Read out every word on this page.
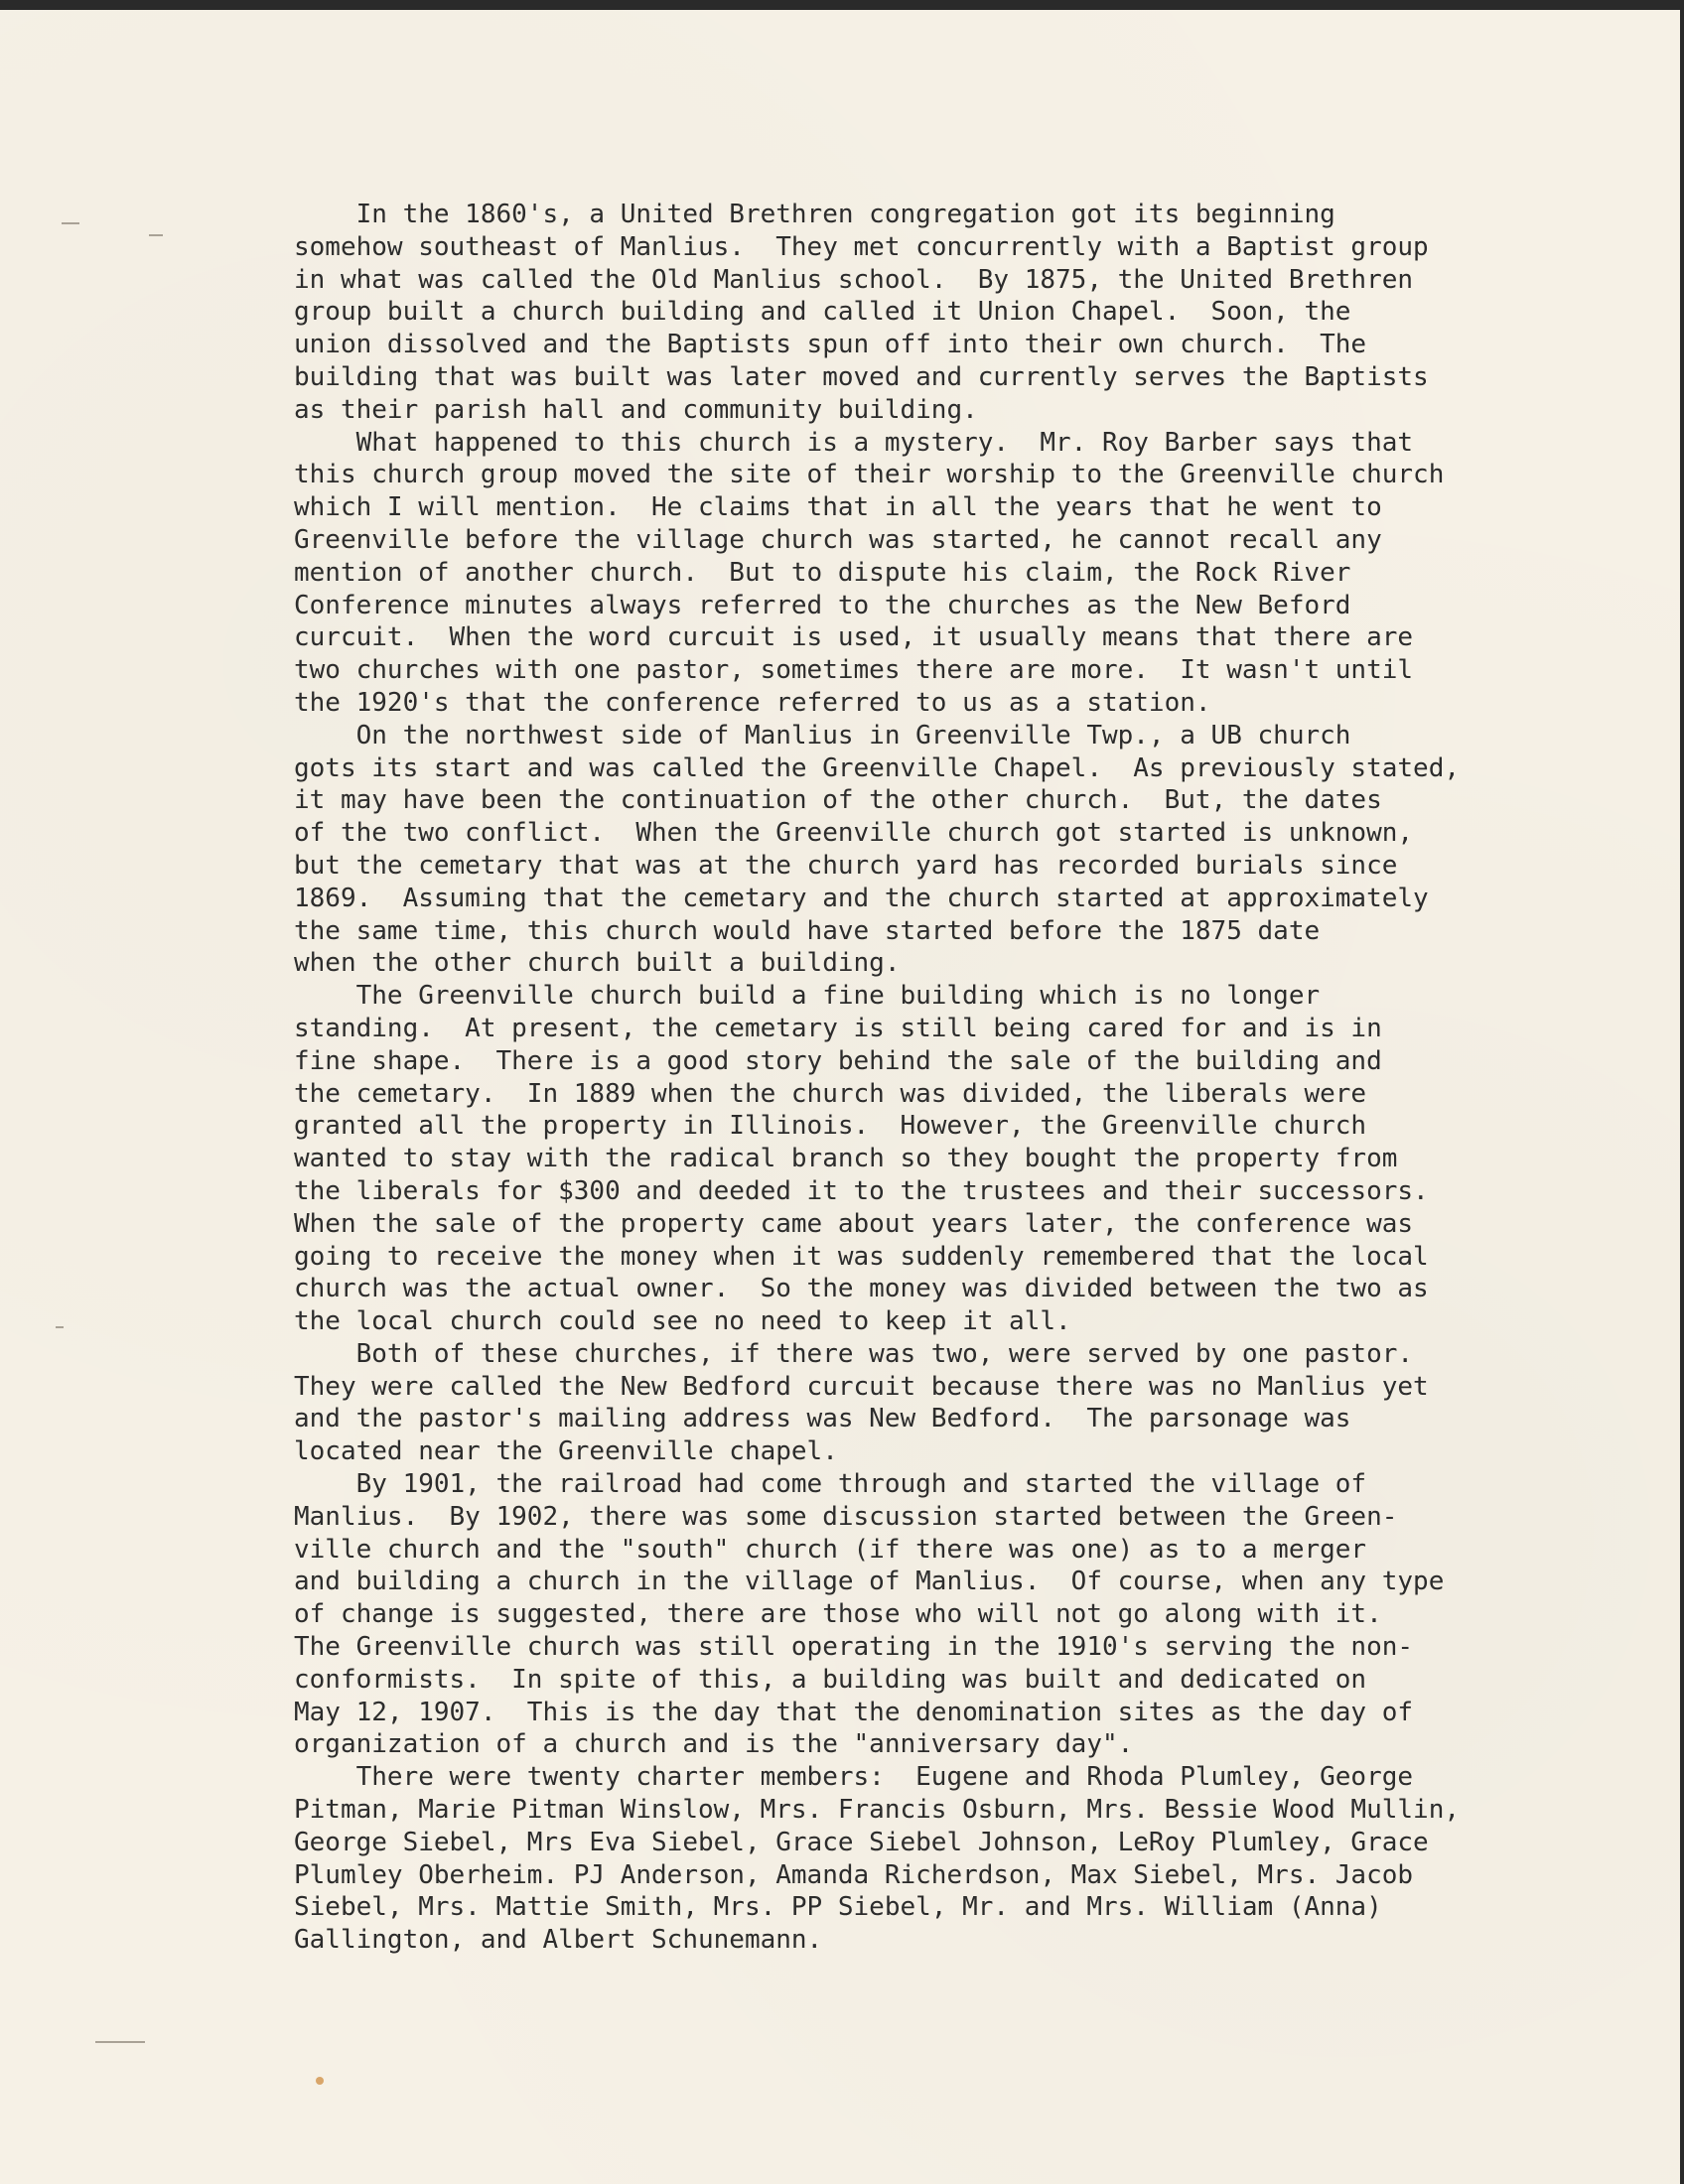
In the 1860's, a United Brethren congregation got its beginning
somehow southeast of Manlius.  They met concurrently with a Baptist group
in what was called the Old Manlius school.  By 1875, the United Brethren
group built a church building and called it Union Chapel.  Soon, the
union dissolved and the Baptists spun off into their own church.  The
building that was built was later moved and currently serves the Baptists
as their parish hall and community building.
What happened to this church is a mystery.  Mr. Roy Barber says that
this church group moved the site of their worship to the Greenville church
which I will mention.  He claims that in all the years that he went to
Greenville before the village church was started, he cannot recall any
mention of another church.  But to dispute his claim, the Rock River
Conference minutes always referred to the churches as the New Beford
curcuit.  When the word curcuit is used, it usually means that there are
two churches with one pastor, sometimes there are more.  It wasn't until
the 1920's that the conference referred to us as a station.
On the northwest side of Manlius in Greenville Twp., a UB church
gots its start and was called the Greenville Chapel.  As previously stated,
it may have been the continuation of the other church.  But, the dates
of the two conflict.  When the Greenville church got started is unknown,
but the cemetary that was at the church yard has recorded burials since
1869.  Assuming that the cemetary and the church started at approximately
the same time, this church would have started before the 1875 date
when the other church built a building.
The Greenville church build a fine building which is no longer
standing.  At present, the cemetary is still being cared for and is in
fine shape.  There is a good story behind the sale of the building and
the cemetary.  In 1889 when the church was divided, the liberals were
granted all the property in Illinois.  However, the Greenville church
wanted to stay with the radical branch so they bought the property from
the liberals for $300 and deeded it to the trustees and their successors.
When the sale of the property came about years later, the conference was
going to receive the money when it was suddenly remembered that the local
church was the actual owner.  So the money was divided between the two as
the local church could see no need to keep it all.
Both of these churches, if there was two, were served by one pastor.
They were called the New Bedford curcuit because there was no Manlius yet
and the pastor's mailing address was New Bedford.  The parsonage was
located near the Greenville chapel.
By 1901, the railroad had come through and started the village of
Manlius.  By 1902, there was some discussion started between the Green-
ville church and the "south" church (if there was one) as to a merger
and building a church in the village of Manlius.  Of course, when any type
of change is suggested, there are those who will not go along with it.
The Greenville church was still operating in the 1910's serving the non-
conformists.  In spite of this, a building was built and dedicated on
May 12, 1907.  This is the day that the denomination sites as the day of
organization of a church and is the "anniversary day".
There were twenty charter members:  Eugene and Rhoda Plumley, George
Pitman, Marie Pitman Winslow, Mrs. Francis Osburn, Mrs. Bessie Wood Mullin,
George Siebel, Mrs Eva Siebel, Grace Siebel Johnson, LeRoy Plumley, Grace
Plumley Oberheim. PJ Anderson, Amanda Richerdson, Max Siebel, Mrs. Jacob
Siebel, Mrs. Mattie Smith, Mrs. PP Siebel, Mr. and Mrs. William (Anna)
Gallington, and Albert Schunemann.
